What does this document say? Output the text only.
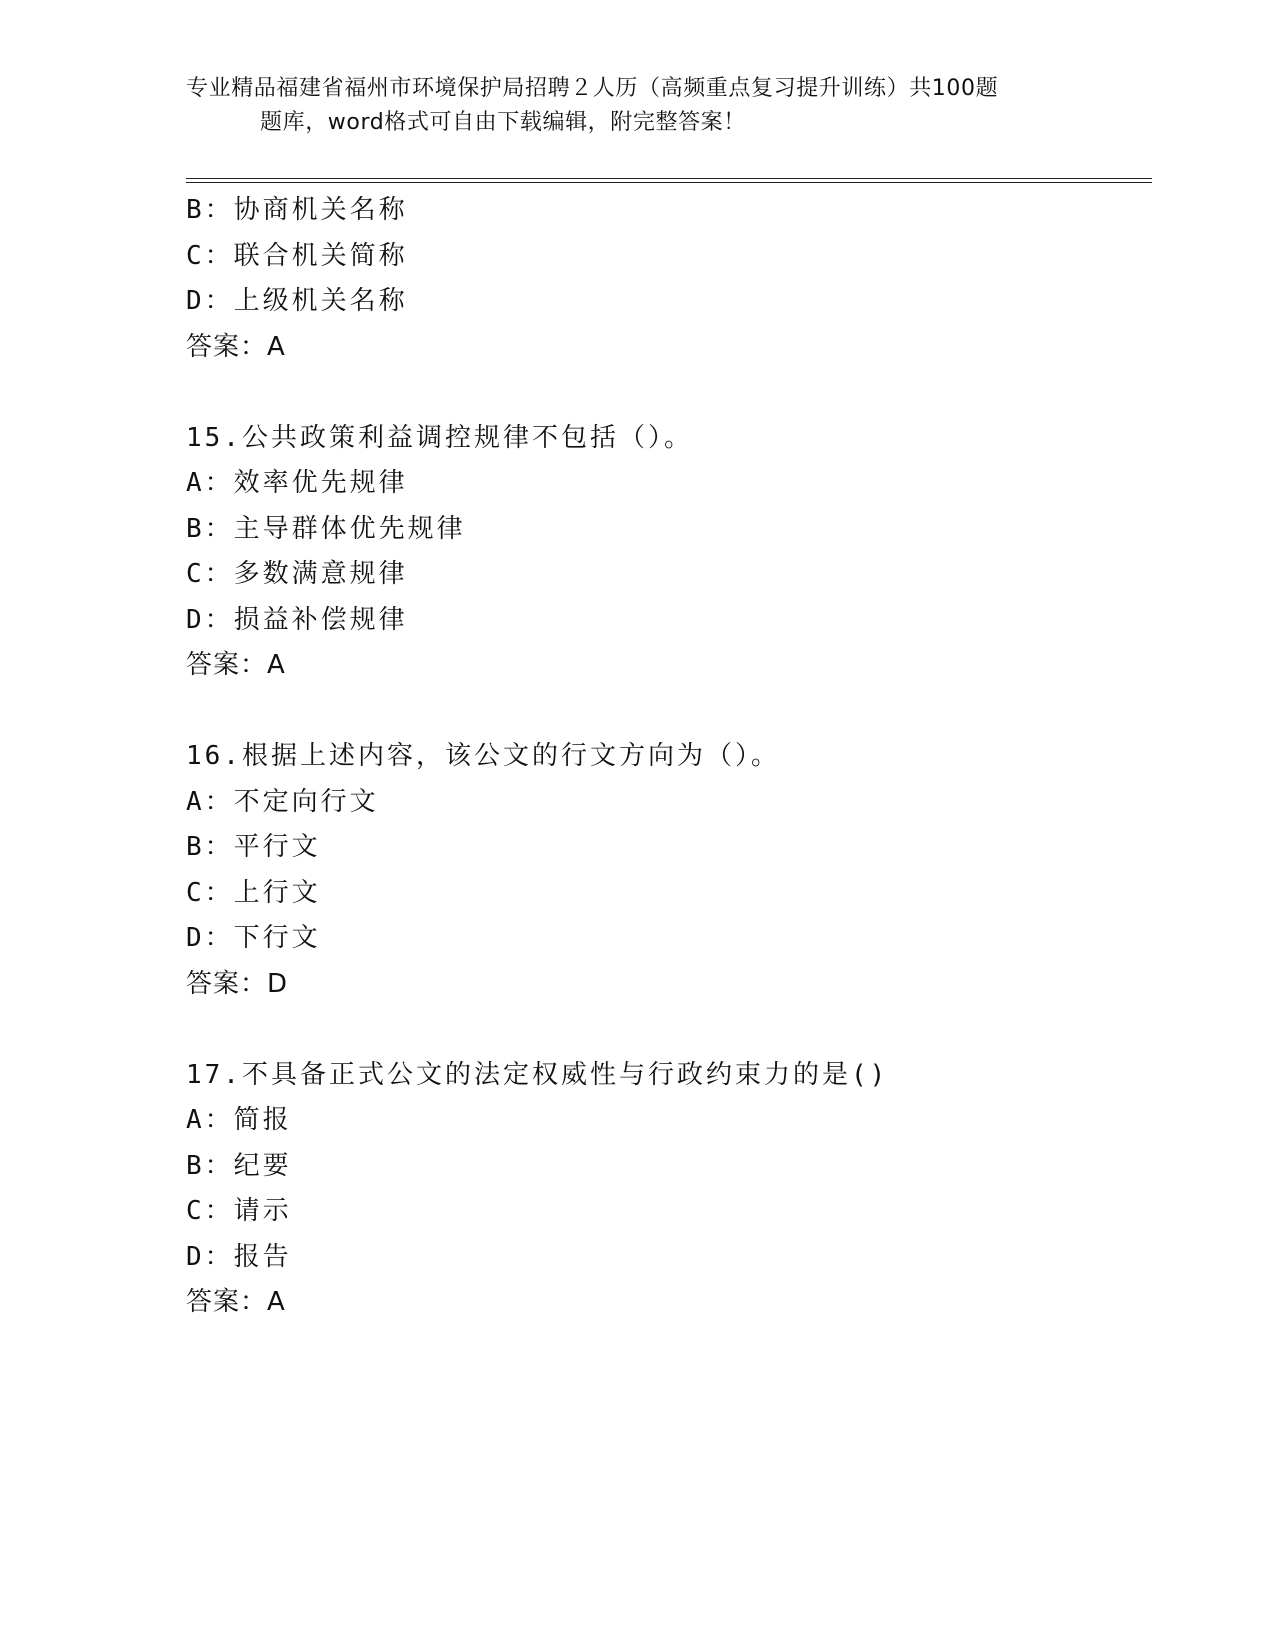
专业精品福建省福州市环境保护局招聘２人历（高频重点复习提升训练）共100题
题库，word格式可自由下载编辑，附完整答案！
B：协商机关名称
C：联合机关简称
D：上级机关名称
答案：A
15.公共政策利益调控规律不包括（）。
A：效率优先规律
B：主导群体优先规律
C：多数满意规律
D：损益补偿规律
答案：A
16.根据上述内容，该公文的行文方向为（）。
A：不定向行文
B：平行文
C：上行文
D：下行文
答案：D
17.不具备正式公文的法定权威性与行政约束力的是()
A：简报
B：纪要
C：请示
D：报告
答案：A
